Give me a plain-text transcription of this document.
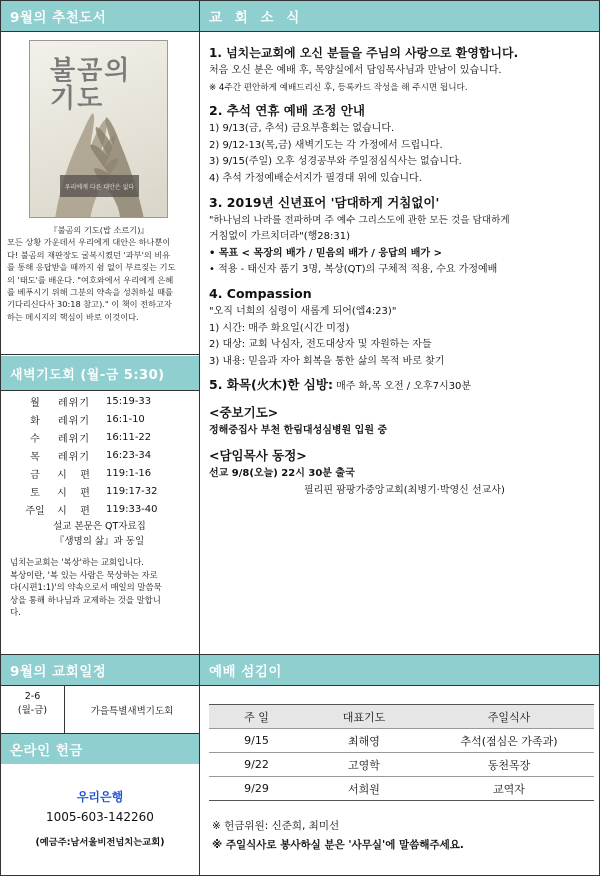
9월의 추천도서
불곰의 기도
우리에게 다른 대안은 없다
『불곰의 기도(밥 소르기)』
모든 상황 가운데서 우리에게 대안은 하나뿐이
다! 불곰의 재판장도 굴복시켰던 '과부'의 비유
를 통해 응답받을 때까지 쉼 없이 부르짖는 기도
의 '태도'를 배운다. "여호와에서 우리에게 은혜
를 베푸시기 위해 그분의 약속을 성취하실 때를
기다리신다사 30:18 참고)." 이 책이 전하고자
하는 메시지의 핵심이 바로 이것이다.
새벽기도회 (월-금 5:30)
월	레위기	15:19-33
화	레위기	16:1-10
수	레위기	16:11-22
목	레위기	16:23-34
금	시   편	119:1-16
토	시   편	119:17-32
주일	시   편	119:33-40
설교 본문은 QT자료집
『생명의 삶』과 동일
넘치는교회는 '복상'하는 교회입니다.
복상이란, '복 있는 사람은 묵상하는 자로
다(시편1:1)'의 약속으로서 매일의 말씀묵
상을 통해 하나님과 교제하는 것을 말합니
다.
9월의 교회일정
2-6
(월-금)	가을특별새벽기도회
온라인 헌금
우리은행
1005-603-142260
(예금주:남서울비전넘치는교회)
교 회 소 식
1. 넘치는교회에 오신 분들을 주님의 사랑으로 환영합니다.
처음 오신 분은 예배 후, 목양실에서 담임목사님과 만남이 있습니다.
※ 4주간 편안하게 예배드리신 후, 등록카드 작성을 해 주시면 됩니다.
2. 추석 연휴 예배 조정 안내
1) 9/13(금, 추석) 금요부흥회는 없습니다.
2) 9/12-13(목,금) 새벽기도는 각 가정에서 드립니다.
3) 9/15(주일) 오후 성경공부와 주일점심식사는 없습니다.
4) 추석 가정예배순서지가 필경대 위에 있습니다.
3. 2019년 신년표어 '담대하게 거침없이'
"하나님의 나라를 전파하며 주 예수 그리스도에 관한 모든 것을 담대하게
거침없이 가르치더라"(행28:31)
• 목표 < 목장의 배가 / 믿음의 배가 / 응답의 배가 >
• 적용 - 태신자 품기 3명, 복상(QT)의 구체적 적용, 수요 가정예배
4. Compassion
"오직 너희의 심령이 새롭게 되어(엡4:23)"
1) 시간: 매주 화요일(시간 미정)
2) 대상: 교회 낙심자, 전도대상자 및 자원하는 자들
3) 내용: 믿음과 자아 회복을 통한 삶의 목적 바로 찾기
5. 화목(火木)한 심방: 매주 화,목 오전 / 오후7시30분
<중보기도>
정해중집사 부천 한림대성심병원 입원 중
<담임목사 동정>
선교 9/8(오늘) 22시 30분 출국
필리핀 팜팡가중앙교회(최병기·박영신 선교사)
예배 섬김이
주 일	대표기도	주일식사
9/15	최해영	추석(점심은 가족과)
9/22	고영학	동천목장
9/29	서희원	교역자
※ 헌금위원: 신준희, 최미선
※ 주일식사로 봉사하실 분은 '사무실'에 말씀해주세요.
